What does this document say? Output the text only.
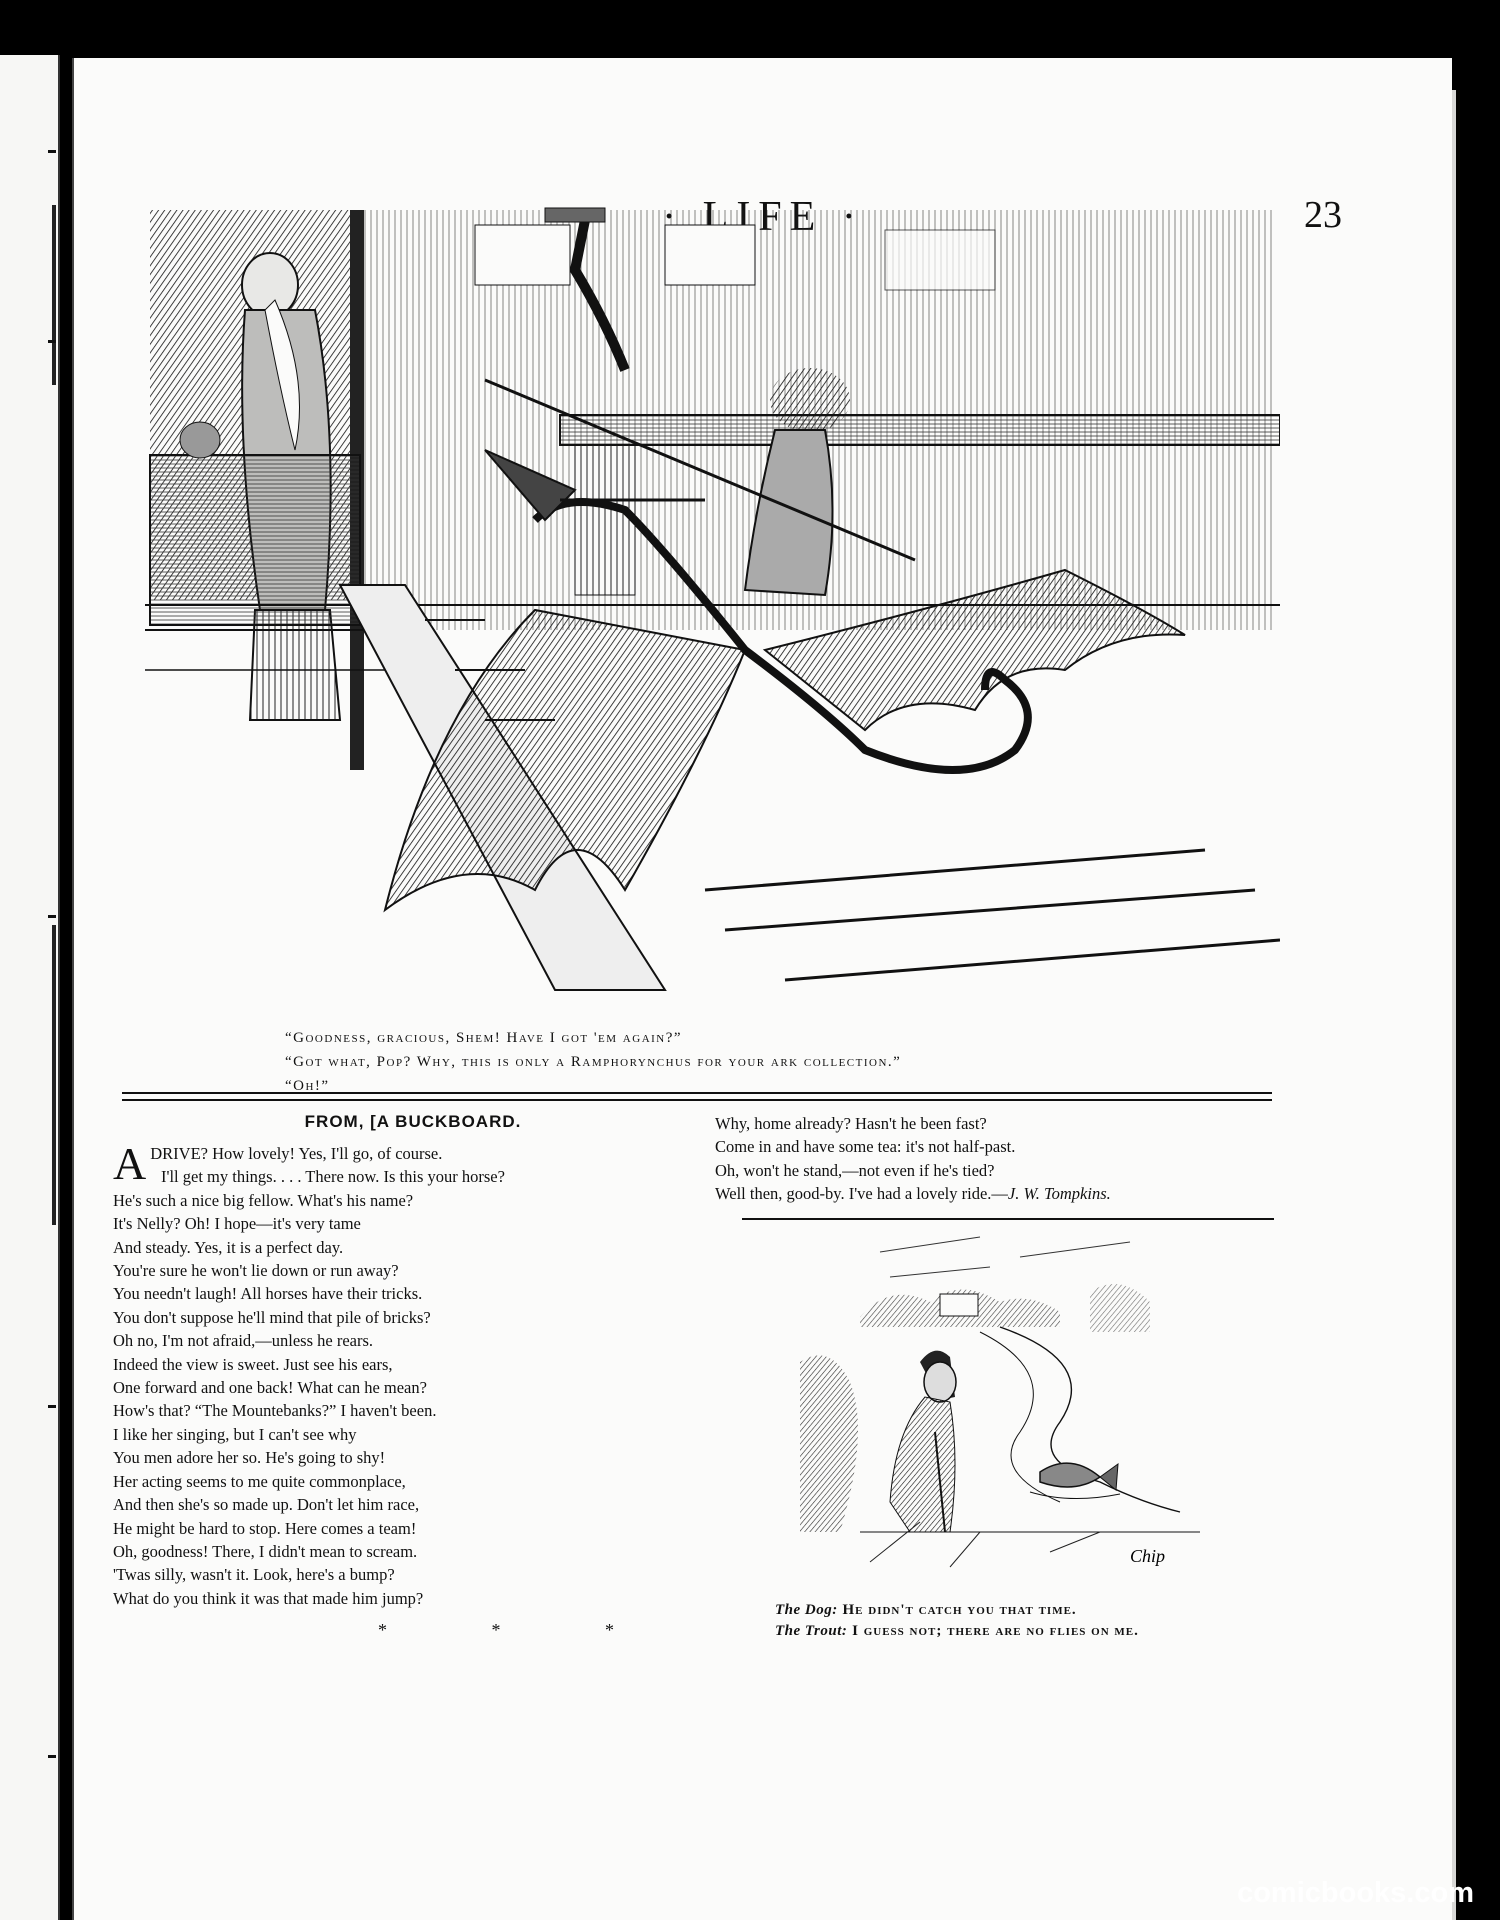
23
“Goodness, gracious, Shem! Have I got 'em again?”
“Got what, Pop? Why, this is only a Ramphorynchus for your ark collection.”
“Oh!”
FROM, [A BUCKBOARD.
ADRIVE? How lovely! Yes, I'll go, of course.
I'll get my things. . . . There now. Is this your horse?
He's such a nice big fellow. What's his name?
It's Nelly? Oh! I hope—it's very tame
And steady. Yes, it is a perfect day.
You're sure he won't lie down or run away?
You needn't laugh! All horses have their tricks.
You don't suppose he'll mind that pile of bricks?
Oh no, I'm not afraid,—unless he rears.
Indeed the view is sweet. Just see his ears,
One forward and one back! What can he mean?
How's that? “The Mountebanks?” I haven't been.
I like her singing, but I can't see why
You men adore her so. He's going to shy!
Her acting seems to me quite commonplace,
And then she's so made up. Don't let him race,
He might be hard to stop. Here comes a team!
Oh, goodness! There, I didn't mean to scream.
'Twas silly, wasn't it. Look, here's a bump?
What do you think it was that made him jump?
* * *
Why, home already? Hasn't he been fast?
Come in and have some tea: it's not half-past.
Oh, won't he stand,—not even if he's tied?
Well then, good-by. I've had a lovely ride.—J. W. Tompkins.
Chip
The Dog: He didn't catch you that time.
The Trout: I guess not; there are no flies on me.
comicbooks.com
